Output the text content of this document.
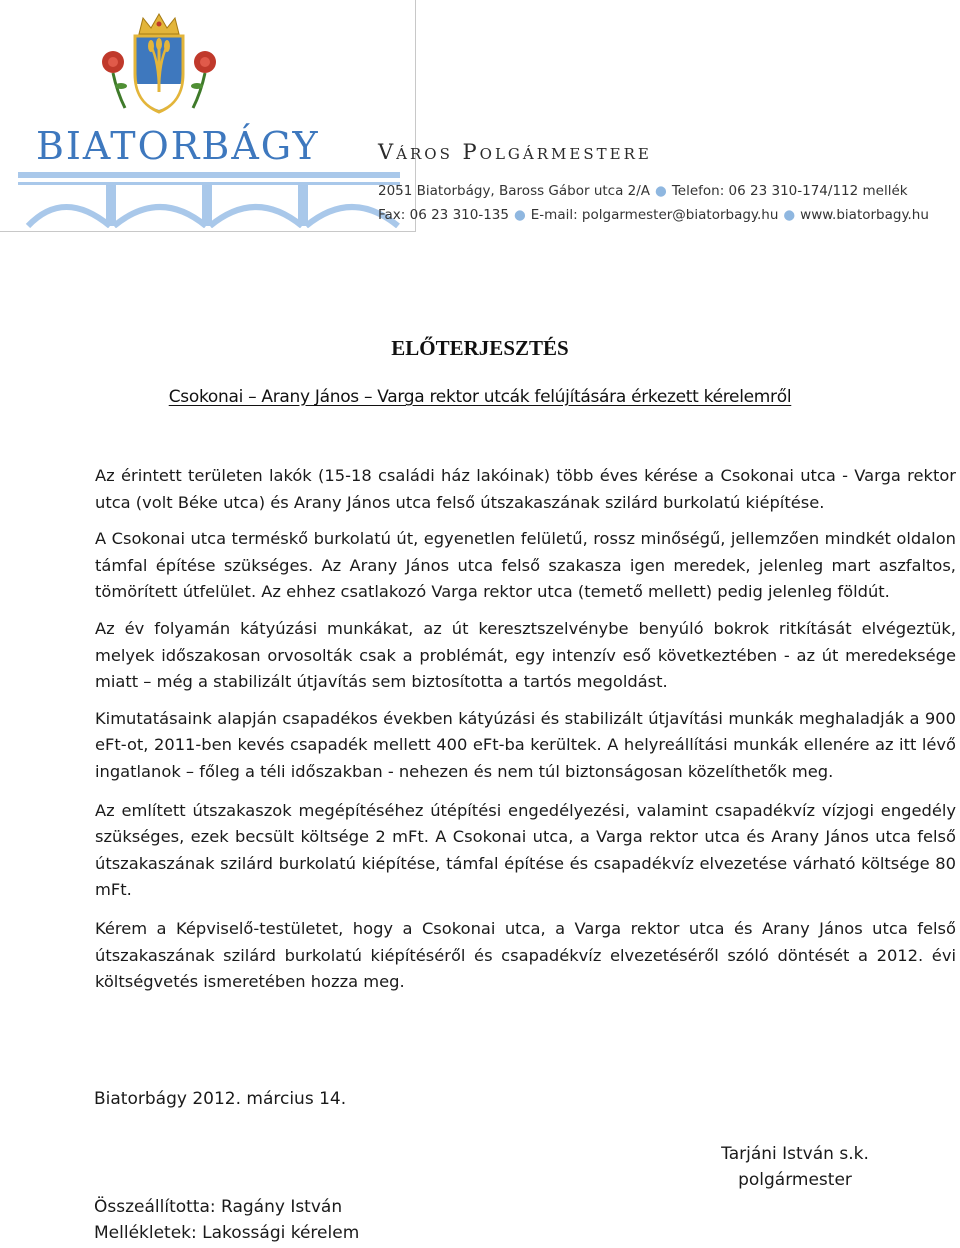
BIATORBÁGY	Város Polgármestere
2051 Biatorbágy, Baross Gábor utca 2/A ● Telefon: 06 23 310-174/112 mellék
Fax: 06 23 310-135 ● E-mail: polgarmester@biatorbagy.hu ● www.biatorbagy.hu
ELŐTERJESZTÉS
Csokonai – Arany János – Varga rektor utcák felújítására érkezett kérelemről

Az érintett területen lakók (15-18 családi ház lakóinak) több éves kérése a Csokonai utca - Varga rektor utca (volt Béke utca) és Arany János utca felső útszakaszának szilárd burkolatú kiépítése.

A Csokonai utca terméskő burkolatú út, egyenetlen felületű, rossz minőségű, jellemzően mindkét oldalon támfal építése szükséges. Az Arany János utca felső szakasza igen meredek, jelenleg mart aszfaltos, tömörített útfelület. Az ehhez csatlakozó Varga rektor utca (temető mellett) pedig jelenleg földút.

Az év folyamán kátyúzási munkákat, az út keresztszelvénybe benyúló bokrok ritkítását elvégeztük, melyek időszakosan orvosolták csak a problémát, egy intenzív eső következtében - az út meredeksége miatt – még a stabilizált útjavítás sem biztosította a tartós megoldást.

Kimutatásaink alapján csapadékos években kátyúzási és stabilizált útjavítási munkák meghaladják a 900 eFt-ot, 2011-ben kevés csapadék mellett 400 eFt-ba kerültek. A helyreállítási munkák ellenére az itt lévő ingatlanok – főleg a téli időszakban - nehezen és nem túl biztonságosan közelíthetők meg.

Az említett útszakaszok megépítéséhez útépítési engedélyezési, valamint csapadékvíz vízjogi engedély szükséges, ezek becsült költsége 2 mFt. A Csokonai utca, a Varga rektor utca és Arany János utca felső útszakaszának szilárd burkolatú kiépítése, támfal építése és csapadékvíz elvezetése várható költsége 80 mFt.

Kérem a Képviselő-testületet, hogy a Csokonai utca, a Varga rektor utca és Arany János utca felső útszakaszának szilárd burkolatú kiépítéséről és csapadékvíz elvezetéséről szóló döntését a 2012. évi költségvetés ismeretében hozza meg.

Biatorbágy 2012. március 14.
Tarjáni István s.k.
polgármester
Összeállította: Ragány István
Mellékletek: Lakossági kérelem
